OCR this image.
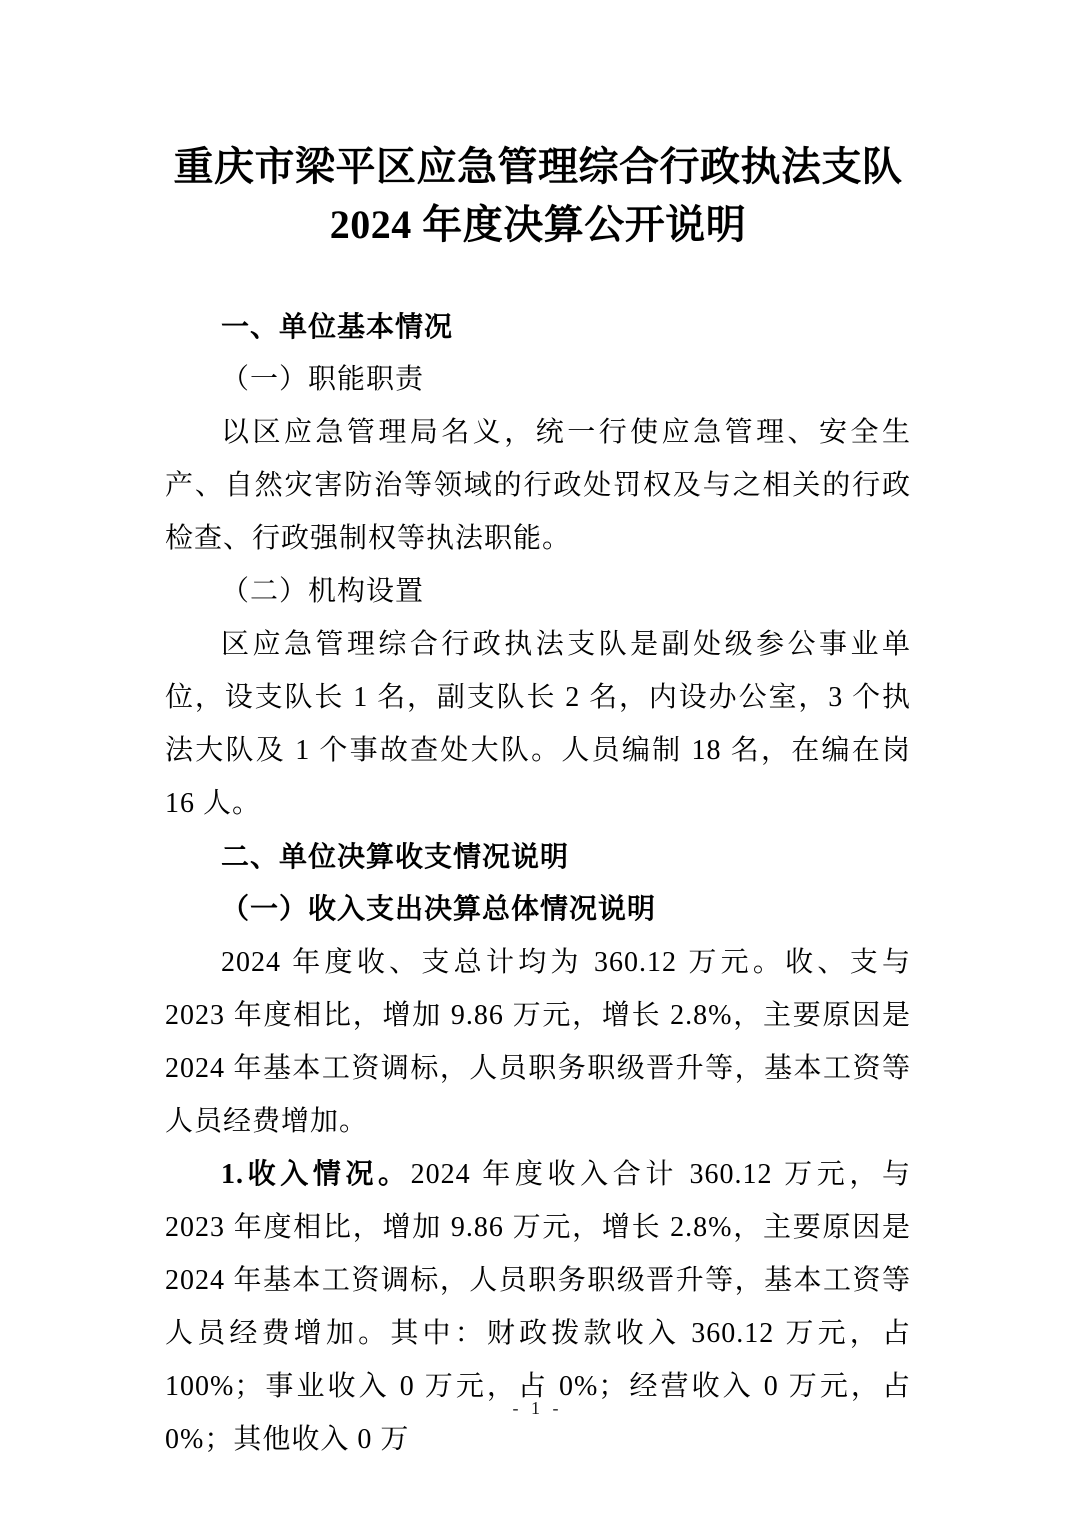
重庆市梁平区应急管理综合行政执法支队
2024 年度决算公开说明

一、单位基本情况

（一）职能职责

以区应急管理局名义，统一行使应急管理、安全生产、自然灾害防治等领域的行政处罚权及与之相关的行政检查、行政强制权等执法职能。

（二）机构设置

区应急管理综合行政执法支队是副处级参公事业单位，设支队长 1 名，副支队长 2 名，内设办公室，3 个执法大队及 1 个事故查处大队。人员编制 18 名，在编在岗 16 人。

二、单位决算收支情况说明

（一）收入支出决算总体情况说明

2024 年度收、支总计均为 360.12 万元。收、支与 2023 年度相比，增加 9.86 万元，增长 2.8%，主要原因是 2024 年基本工资调标，人员职务职级晋升等，基本工资等人员经费增加。

1.收入情况。2024 年度收入合计 360.12 万元，与 2023 年度相比，增加 9.86 万元，增长 2.8%，主要原因是 2024 年基本工资调标，人员职务职级晋升等，基本工资等人员经费增加。其中：财政拨款收入 360.12 万元，占 100%；事业收入 0 万元，占 0%；经营收入 0 万元，占 0%；其他收入 0 万

- 1 -
